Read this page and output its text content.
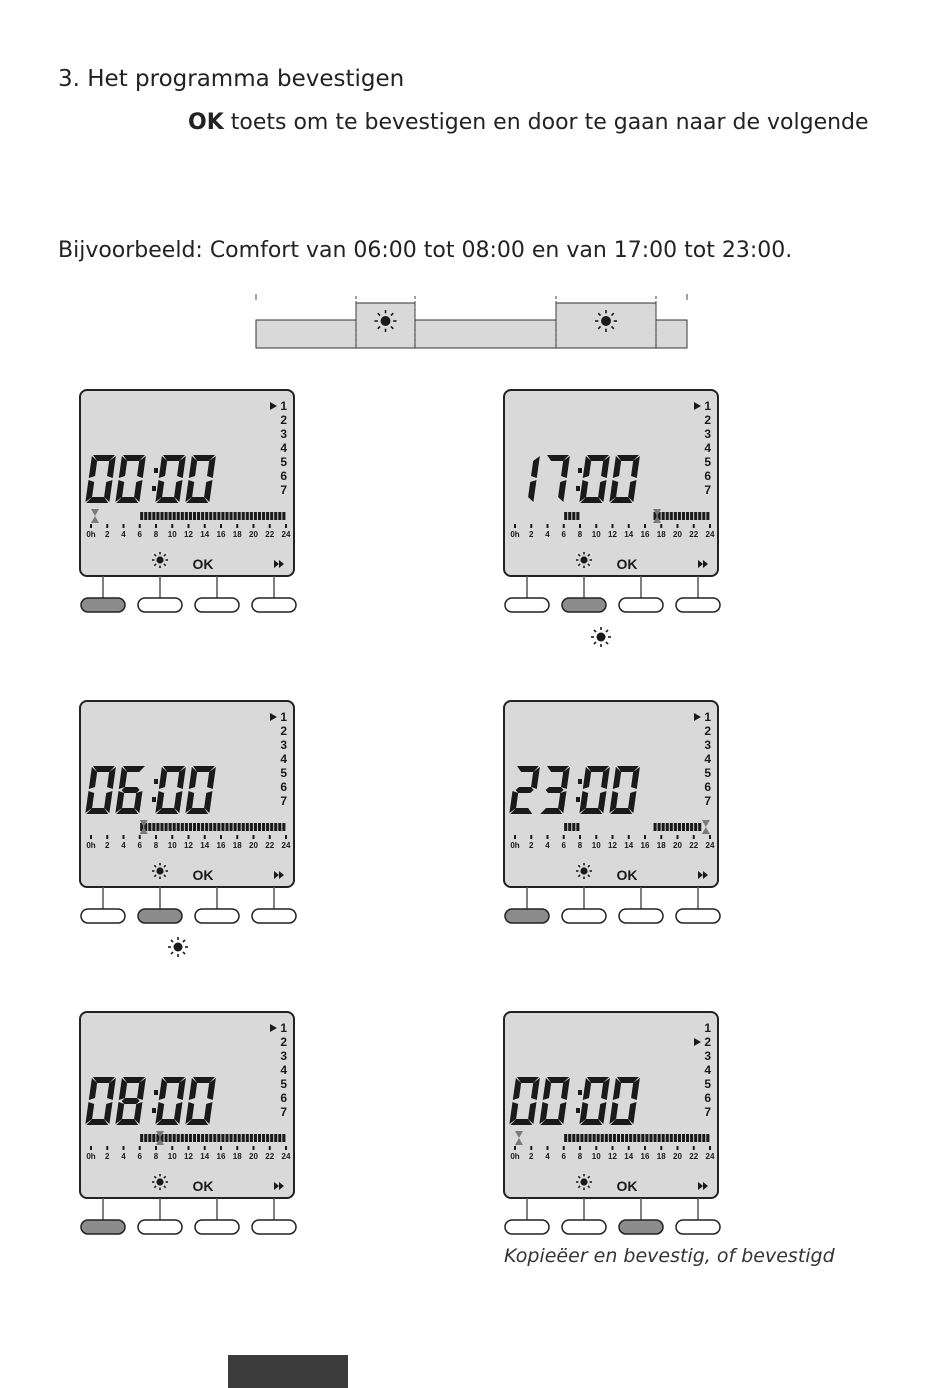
3. Het programma bevestigen
OK toets om te bevestigen en door te gaan naar de volgende
Bijvoorbeeld: Comfort van 06:00 tot 08:00 en van 17:00 tot 23:00.
1
2
3
4
5
6
7
0h 2 4 6 8 10 12 14 16 18 20 22 24
OK
1
2
3
4
5
6
7
0h 2 4 6 8 10 12 14 16 18 20 22 24
OK
1
2
3
4
5
6
7
0h 2 4 6 8 10 12 14 16 18 20 22 24
OK
1
2
3
4
5
6
7
0h 2 4 6 8 10 12 14 16 18 20 22 24
OK
1
2
3
4
5
6
7
0h 2 4 6 8 10 12 14 16 18 20 22 24
OK
1
2
3
4
5
6
7
0h 2 4 6 8 10 12 14 16 18 20 22 24
OK
Kopieëer en bevestig, of bevestigd
